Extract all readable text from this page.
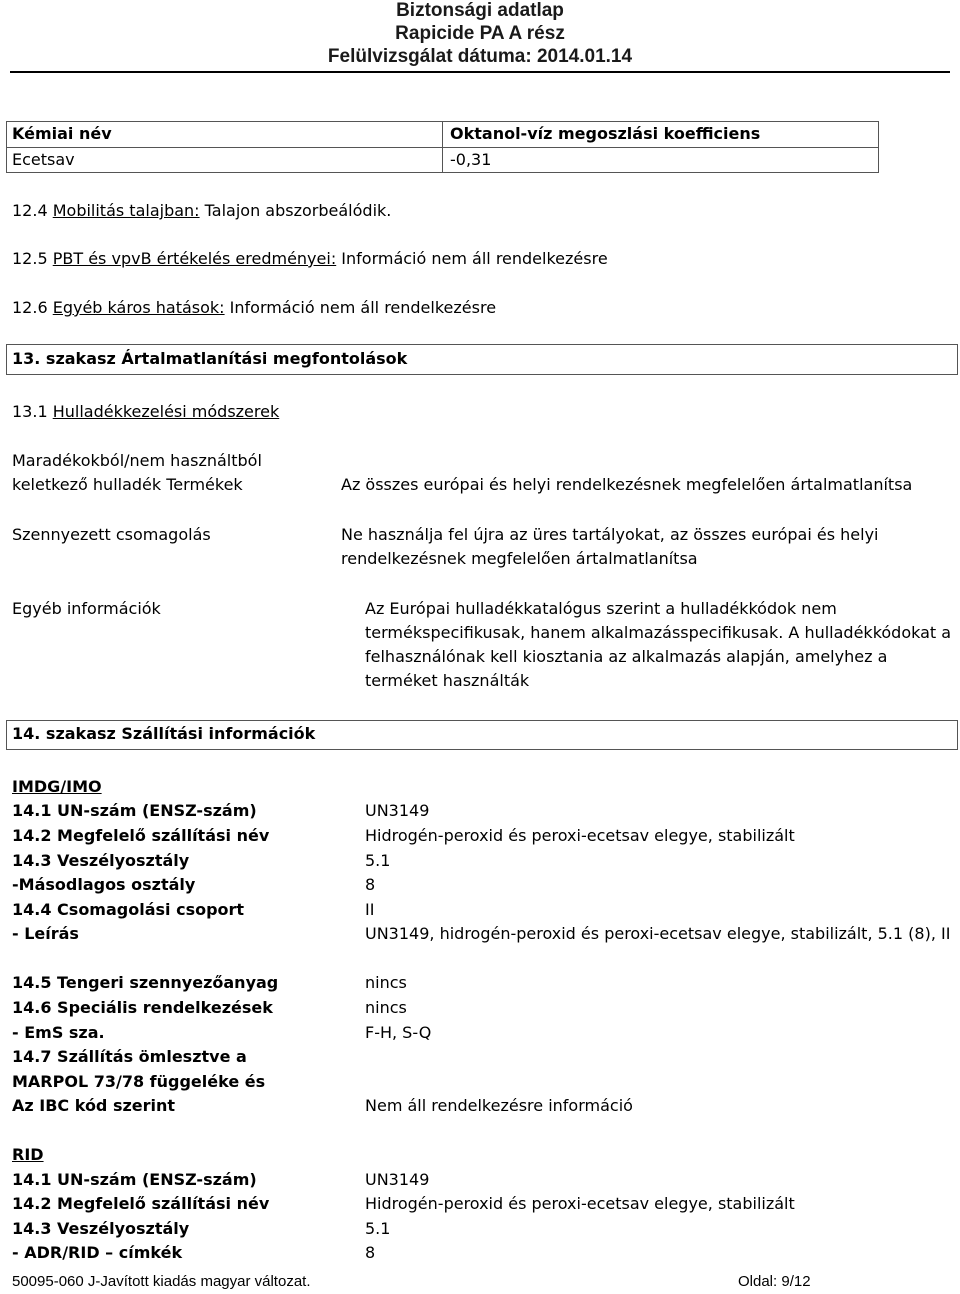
Biztonsági adatlap
Rapicide PA A rész
Felülvizsgálat dátuma: 2014.01.14
Kémiai név	Oktanol-víz megoszlási koefficiens
Ecetsav	-0,31
12.4 Mobilitás talajban: Talajon abszorbeálódik.
12.5 PBT és vpvB értékelés eredményei: Információ nem áll rendelkezésre
12.6 Egyéb káros hatások: Információ nem áll rendelkezésre
13. szakasz Ártalmatlanítási megfontolások
13.1 Hulladékkezelési módszerek
Maradékokból/nem használtból
keletkező hulladék Termékek	Az összes európai és helyi rendelkezésnek megfelelően ártalmatlanítsa
Szennyezett csomagolás	Ne használja fel újra az üres tartályokat, az összes európai és helyi rendelkezésnek megfelelően ártalmatlanítsa
Egyéb információk	Az Európai hulladékkatalógus szerint a hulladékkódok nem termékspecifikusak, hanem alkalmazásspecifikusak. A hulladékkódokat a felhasználónak kell kiosztania az alkalmazás alapján, amelyhez a terméket használták
14. szakasz Szállítási információk
IMDG/IMO
14.1 UN-szám (ENSZ-szám)	UN3149
14.2 Megfelelő szállítási név	Hidrogén-peroxid és peroxi-ecetsav elegye, stabilizált
14.3 Veszélyosztály	5.1
-Másodlagos osztály	8
14.4 Csomagolási csoport	II
- Leírás	UN3149, hidrogén-peroxid és peroxi-ecetsav elegye, stabilizált, 5.1 (8), II
14.5 Tengeri szennyezőanyag	nincs
14.6 Speciális rendelkezések	nincs
- EmS sza.	F-H, S-Q
14.7 Szállítás ömlesztve a
MARPOL 73/78 függeléke és
Az IBC kód szerint	Nem áll rendelkezésre információ
RID
14.1 UN-szám (ENSZ-szám)	UN3149
14.2 Megfelelő szállítási név	Hidrogén-peroxid és peroxi-ecetsav elegye, stabilizált
14.3 Veszélyosztály	5.1
- ADR/RID – címkék	8
50095-060 J-Javított kiadás magyar változat.	Oldal: 9/12
